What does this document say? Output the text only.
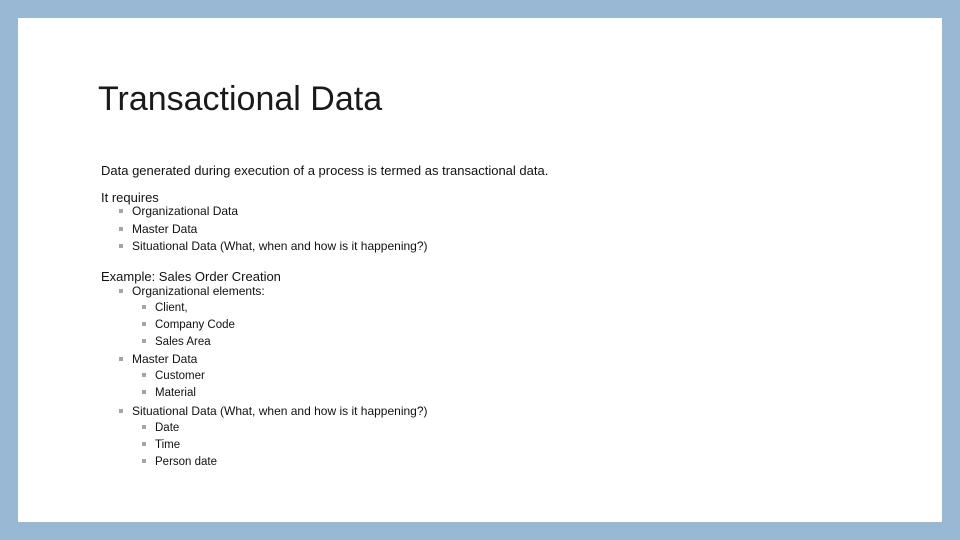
Transactional Data
Data generated during execution of a process is termed as transactional data.
It requires
Organizational Data
Master Data
Situational Data (What, when and how is it happening?)
Example: Sales Order Creation
Organizational elements:
Client,
Company Code
Sales Area
Master Data
Customer
Material
Situational Data (What, when and how is it happening?)
Date
Time
Person date
